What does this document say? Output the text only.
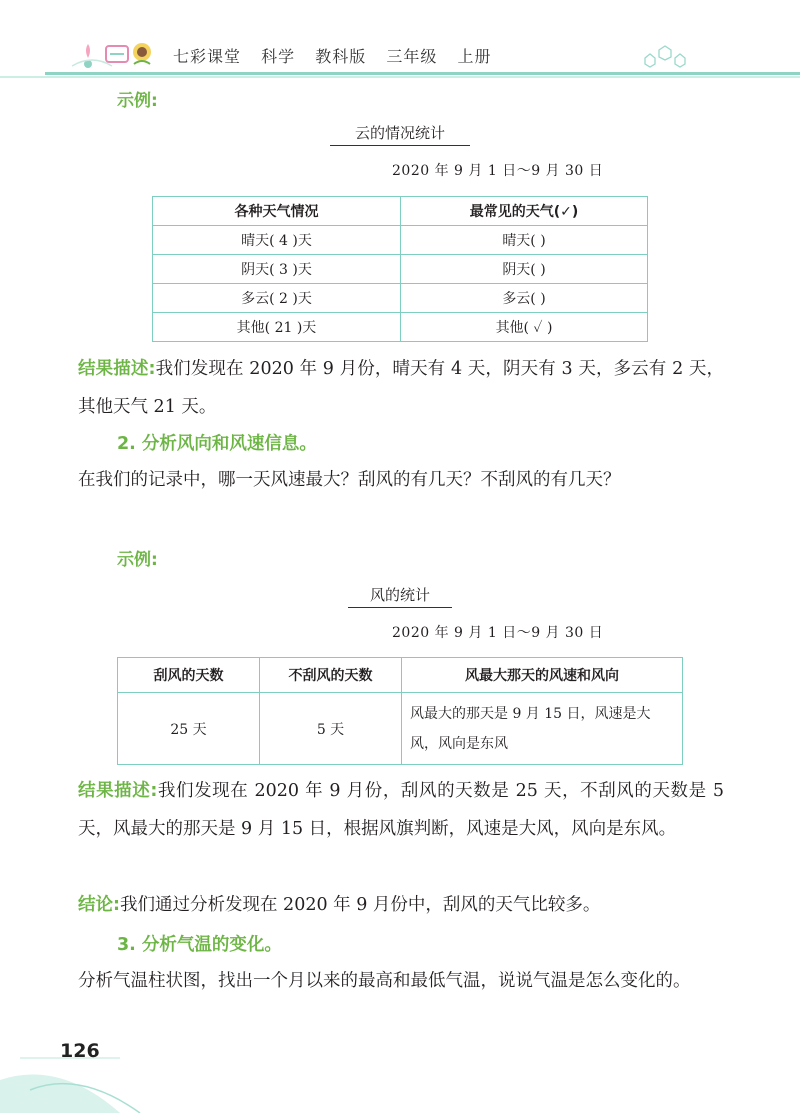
七彩课堂 科学 教科版 三年级 上册
示例:
云的情况统计
2020 年 9 月 1 日～9 月 30 日
各种天气情况	最常见的天气(✓)
晴天( 4 )天	晴天( )
阴天( 3 )天	阴天( )
多云( 2 )天	多云( )
其他( 21 )天	其他( ✓ )
结果描述:我们发现在 2020 年 9 月份，晴天有 4 天，阴天有 3 天，多云有 2 天，其他天气 21 天。
2. 分析风向和风速信息。
在我们的记录中，哪一天风速最大？刮风的有几天？不刮风的有几天？
示例:
风的统计
2020 年 9 月 1 日～9 月 30 日
刮风的天数	不刮风的天数	风最大那天的风速和风向
25 天	5 天	风最大的那天是 9 月 15 日，风速是大风，风向是东风
结果描述:我们发现在 2020 年 9 月份，刮风的天数是 25 天，不刮风的天数是 5 天，风最大的那天是 9 月 15 日，根据风旗判断，风速是大风，风向是东风。
结论:我们通过分析发现在 2020 年 9 月份中，刮风的天气比较多。
3. 分析气温的变化。
分析气温柱状图，找出一个月以来的最高和最低气温，说说气温是怎么变化的。
126
